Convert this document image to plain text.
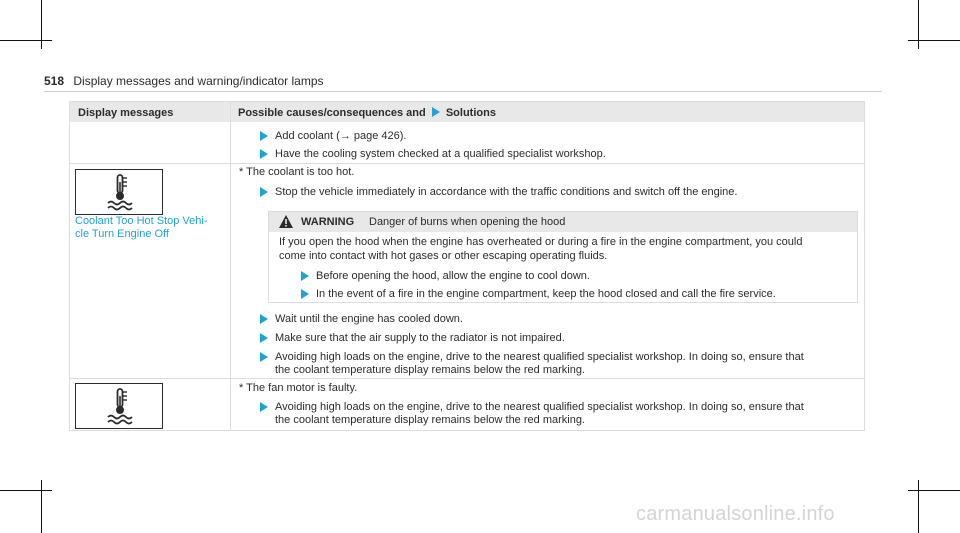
518 Display messages and warning/indicator lamps
Display messages	Possible causes/consequences and Solutions
Add coolant (→ page 426).
Have the cooling system checked at a qualified specialist workshop.
Coolant Too Hot Stop Vehi-
cle Turn Engine Off
* The coolant is too hot.
Stop the vehicle immediately in accordance with the traffic conditions and switch off the engine.
WARNING Danger of burns when opening the hood
If you open the hood when the engine has overheated or during a fire in the engine compartment, you could
come into contact with hot gases or other escaping operating fluids.
Before opening the hood, allow the engine to cool down.
In the event of a fire in the engine compartment, keep the hood closed and call the fire service.
Wait until the engine has cooled down.
Make sure that the air supply to the radiator is not impaired.
Avoiding high loads on the engine, drive to the nearest qualified specialist workshop. In doing so, ensure that
the coolant temperature display remains below the red marking.
* The fan motor is faulty.
Avoiding high loads on the engine, drive to the nearest qualified specialist workshop. In doing so, ensure that
the coolant temperature display remains below the red marking.
carmanualsonline.info
